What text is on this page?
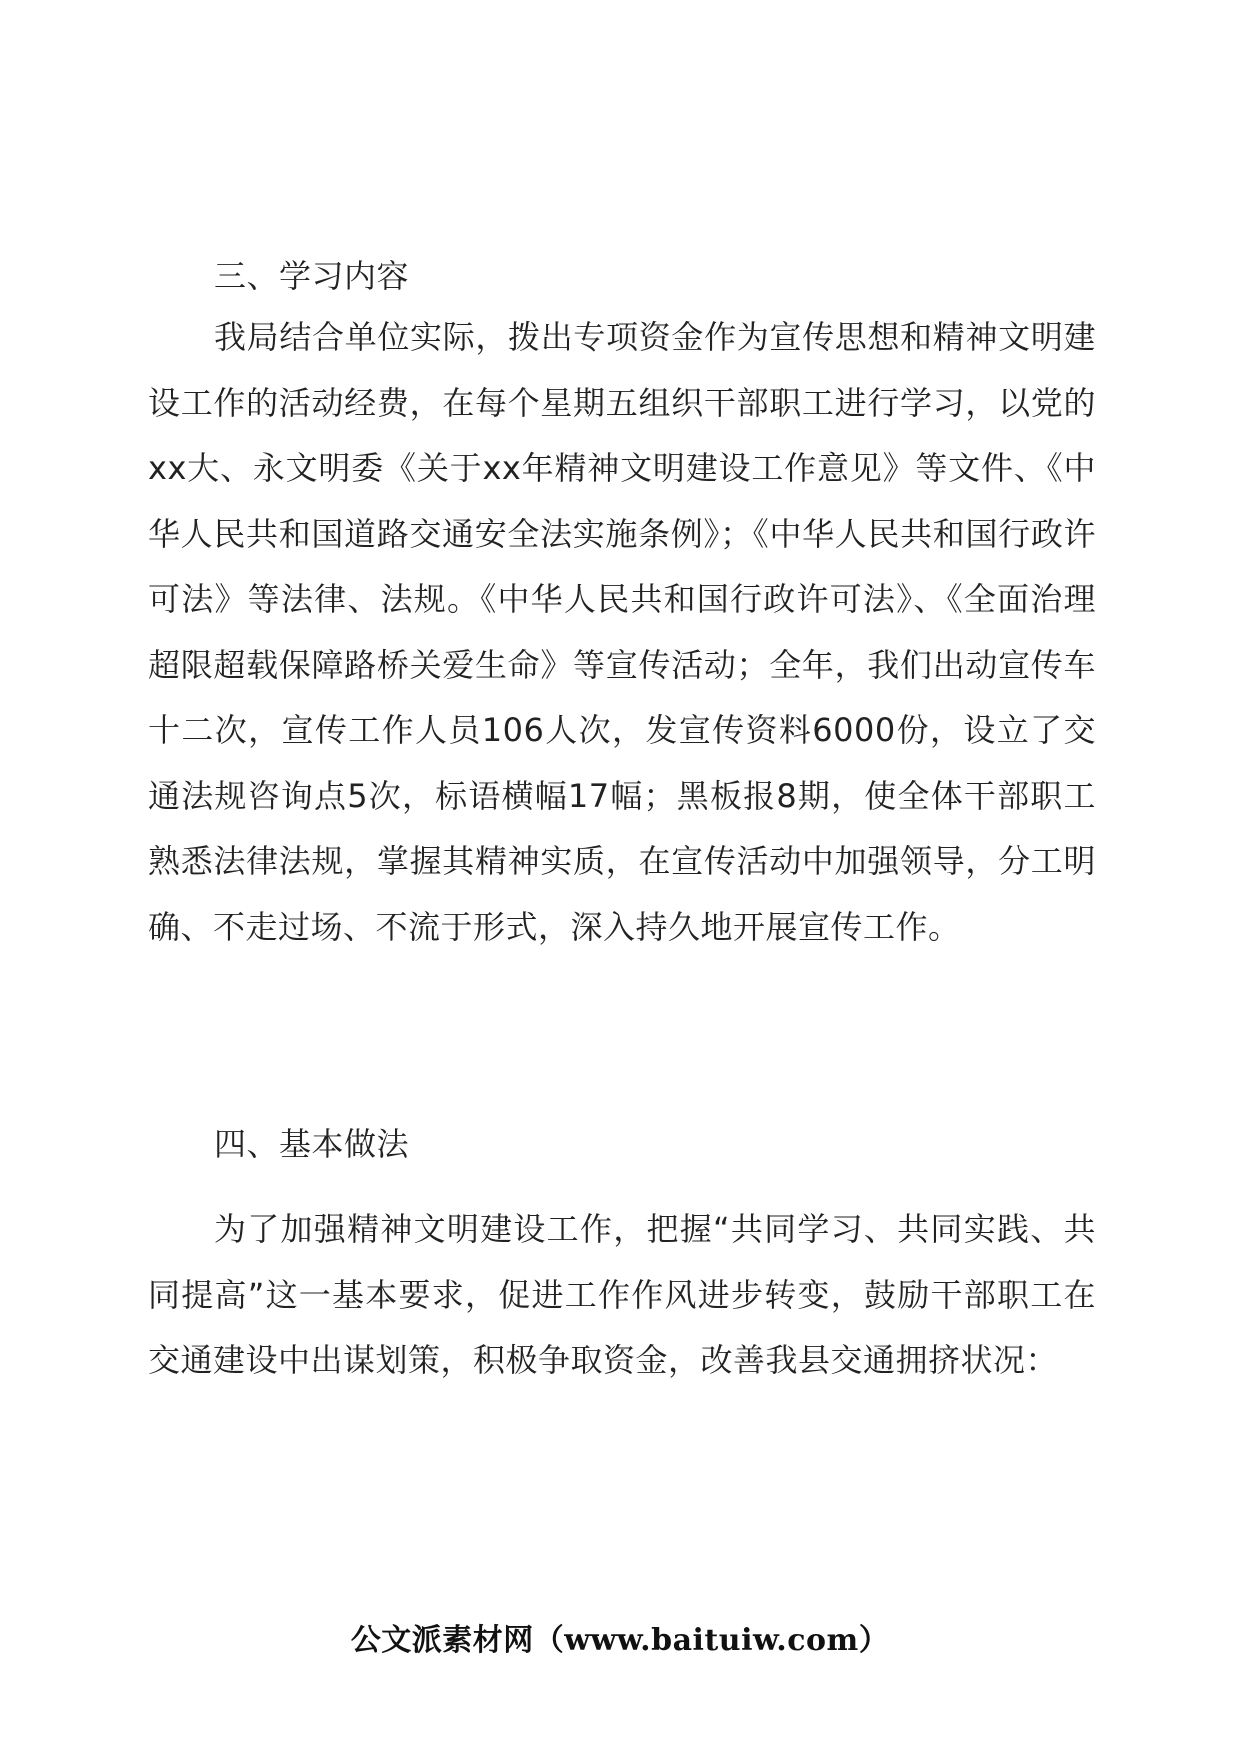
三、学习内容

我局结合单位实际，拨出专项资金作为宣传思想和精神文明建设工作的活动经费，在每个星期五组织干部职工进行学习，以党的xx大、永文明委《关于xx年精神文明建设工作意见》等文件、《中华人民共和国道路交通安全法实施条例》；《中华人民共和国行政许可法》等法律、法规。《中华人民共和国行政许可法》、《全面治理超限超载保障路桥关爱生命》等宣传活动；全年，我们出动宣传车十二次，宣传工作人员106人次，发宣传资料6000份，设立了交通法规咨询点5次，标语横幅17幅；黑板报8期，使全体干部职工熟悉法律法规，掌握其精神实质，在宣传活动中加强领导，分工明确、不走过场、不流于形式，深入持久地开展宣传工作。

四、基本做法

为了加强精神文明建设工作，把握“共同学习、共同实践、共同提高”这一基本要求，促进工作作风进步转变，鼓励干部职工在交通建设中出谋划策，积极争取资金，改善我县交通拥挤状况：

公文派素材网（www.baituiw.com）
